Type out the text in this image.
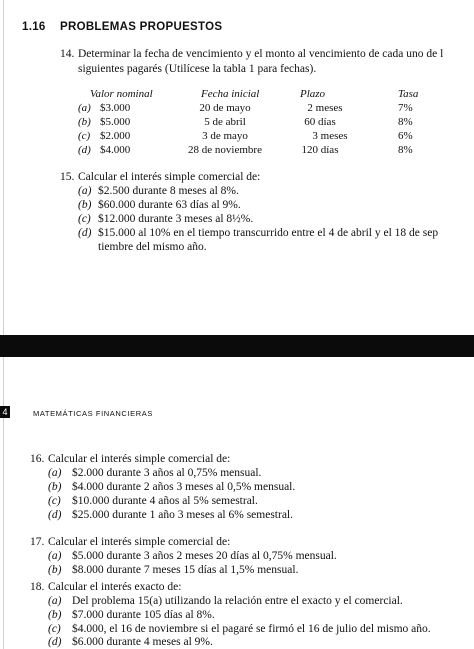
1.16 PROBLEMAS PROPUESTOS
14. Determinar la fecha de vencimiento y el monto al vencimiento de cada uno de l
siguientes pagarés (Utilícese la tabla 1 para fechas).
Valor nominal	Fecha inicial	Plazo	Tasa
(a) $3.000	20 de mayo	2 meses	7%
(b) $5.000	5 de abril	60 días	8%
(c) $2.000	3 de mayo	3 meses	6%
(d) $4.000	28 de noviembre	120 días	8%
15. Calcular el interés simple comercial de:
(a) $2.500 durante 8 meses al 8%.
(b) $60.000 durante 63 días al 9%.
(c) $12.000 durante 3 meses al 8½%.
(d) $15.000 al 10% en el tiempo transcurrido entre el 4 de abril y el 18 de sep
tiembre del mismo año.
4	MATEMÁTICAS FINANCIERAS
16. Calcular el interés simple comercial de:
(a) $2.000 durante 3 años al 0,75% mensual.
(b) $4.000 durante 2 años 3 meses al 0,5% mensual.
(c) $10.000 durante 4 años al 5% semestral.
(d) $25.000 durante 1 año 3 meses al 6% semestral.
17. Calcular el interés simple comercial de:
(a) $5.000 durante 3 años 2 meses 20 días al 0,75% mensual.
(b) $8.000 durante 7 meses 15 días al 1,5% mensual.
18. Calcular el interés exacto de:
(a) Del problema 15(a) utilizando la relación entre el exacto y el comercial.
(b) $7.000 durante 105 días al 8%.
(c) $4.000, el 16 de noviembre si el pagaré se firmó el 16 de julio del mismo año.
(d) $6.000 durante 4 meses al 9%.
